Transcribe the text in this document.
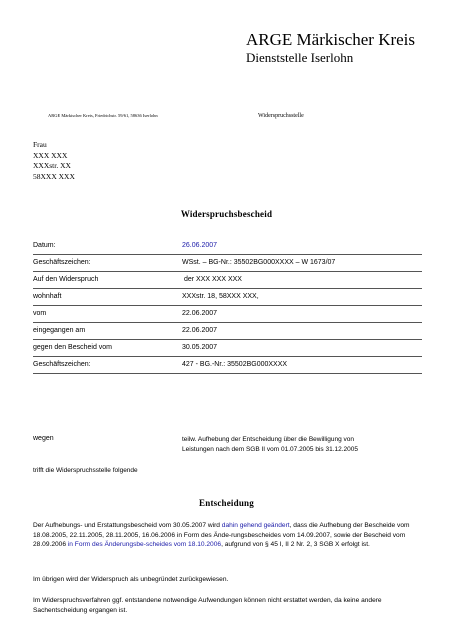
ARGE Märkischer Kreis
Dienststelle Iserlohn
ARGE Märkischer Kreis, Friedrichstr. 59/61, 58636 Iserlohn	Widerspruchsstelle
Frau
XXX XXX
XXXstr. XX
58XXX XXX
Widerspruchsbescheid
Datum:	26.06.2007
Geschäftszeichen:	WSst. – BG-Nr.: 35502BG000XXXX – W 1673/07
Auf den Widerspruch	der XXX XXX XXX
wohnhaft	XXXstr. 18, 58XXX XXX,
vom	22.06.2007
eingegangen am	22.06.2007
gegen den Bescheid vom	30.05.2007
Geschäftszeichen:	427 - BG.-Nr.: 35502BG000XXXX
wegen	teilw. Aufhebung der Entscheidung über die Bewilligung von
Leistungen nach dem SGB II vom 01.07.2005 bis 31.12.2005
trifft die Widerspruchsstelle folgende
Entscheidung
Der Aufhebungs- und Erstattungsbescheid vom 30.05.2007 wird dahin gehend geändert, dass die Aufhebung der Bescheide vom 18.08.2005, 22.11.2005, 28.11.2005, 16.06.2006 in Form des Ände-rungsbescheides vom 14.09.2007, sowie der Bescheid vom 28.09.2006 in Form des Änderungsbe-scheides vom 18.10.2006, aufgrund von § 45 I, II 2 Nr. 2, 3 SGB X erfolgt ist.
Im übrigen wird der Widerspruch als unbegründet zurückgewiesen.
Im Widerspruchsverfahren ggf. entstandene notwendige Aufwendungen können nicht erstattet werden, da keine andere Sachentscheidung ergangen ist.
